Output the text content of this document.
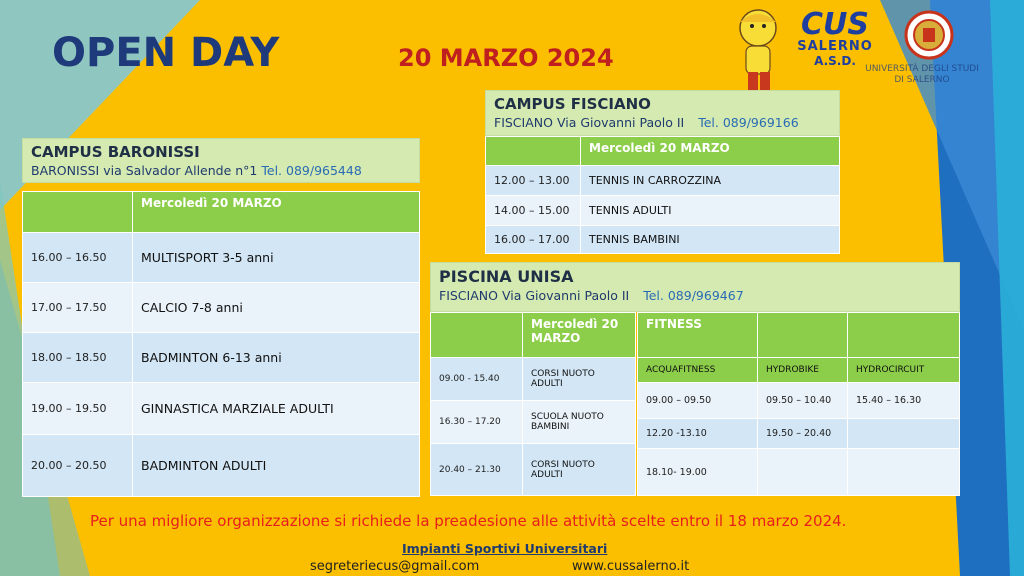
OPEN DAY	20 MARZO 2024
CUS
SALERNO
A.S.D.
UNIVERSITÀ DEGLI STUDI DI SALERNO
CAMPUS BARONISSI
BARONISSI via Salvador Allende n°1 Tel. 089/965448
	Mercoledì 20 MARZO
16.00 – 16.50	MULTISPORT 3-5 anni
17.00 – 17.50	CALCIO 7-8 anni
18.00 – 18.50	BADMINTON 6-13 anni
19.00 – 19.50	GINNASTICA MARZIALE ADULTI
20.00 – 20.50	BADMINTON ADULTI
CAMPUS FISCIANO
FISCIANO Via Giovanni Paolo II Tel. 089/969166
	Mercoledì 20 MARZO
12.00 – 13.00	TENNIS IN CARROZZINA
14.00 – 15.00	TENNIS ADULTI
16.00 – 17.00	TENNIS BAMBINI
PISCINA UNISA
FISCIANO Via Giovanni Paolo II Tel. 089/969467
	Mercoledì 20 MARZO
09.00 - 15.40	CORSI NUOTO ADULTI
16.30 – 17.20	SCUOLA NUOTO BAMBINI
20.40 – 21.30	CORSI NUOTO ADULTI
FITNESS		
ACQUAFITNESS	HYDROBIKE	HYDROCIRCUIT
09.00 – 09.50	09.50 – 10.40	15.40 – 16.30
12.20 -13.10	19.50 – 20.40	
18.10- 19.00		
Per una migliore organizzazione si richiede la preadesione alle attività scelte entro il 18 marzo 2024.
Impianti Sportivi Universitari
segreteriecus@gmail.com	www.cussalerno.it
